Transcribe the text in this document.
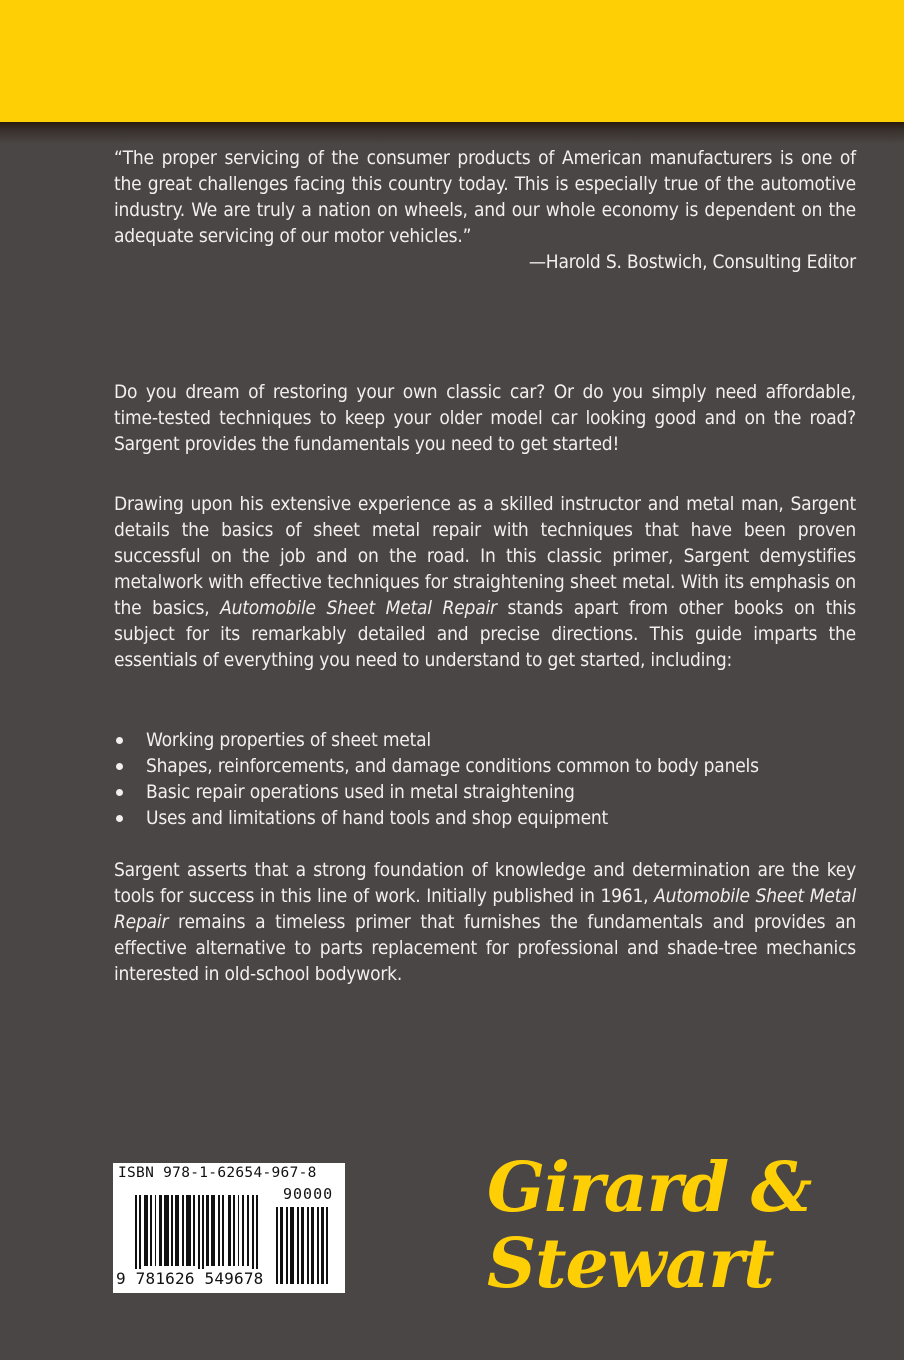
“The proper servicing of the consumer products of American manufacturers is one of the great challenges facing this country today. This is especially true of the automotive industry. We are truly a nation on wheels, and our whole economy is dependent on the adequate servicing of our motor vehicles.”

—Harold S. Bostwich, Consulting Editor

Do you dream of restoring your own classic car? Or do you simply need affordable, time-tested techniques to keep your older model car looking good and on the road? Sargent provides the fundamentals you need to get started!

Drawing upon his extensive experience as a skilled instructor and metal man, Sargent details the basics of sheet metal repair with techniques that have been proven successful on the job and on the road. In this classic primer, Sargent demystifies metalwork with effective techniques for straightening sheet metal. With its emphasis on the basics, Automobile Sheet Metal Repair stands apart from other books on this subject for its remarkably detailed and precise directions. This guide imparts the essentials of everything you need to understand to get started, including:

Working properties of sheet metal
Shapes, reinforcements, and damage conditions common to body panels
Basic repair operations used in metal straightening
Uses and limitations of hand tools and shop equipment

Sargent asserts that a strong foundation of knowledge and determination are the key tools for success in this line of work. Initially published in 1961, Automobile Sheet Metal Repair remains a timeless primer that furnishes the fundamentals and provides an effective alternative to parts replacement for professional and shade-tree mechanics interested in old-school bodywork.

ISBN 978-1-62654-967-8
90000
9 781626 549678
Girard &
Stewart
